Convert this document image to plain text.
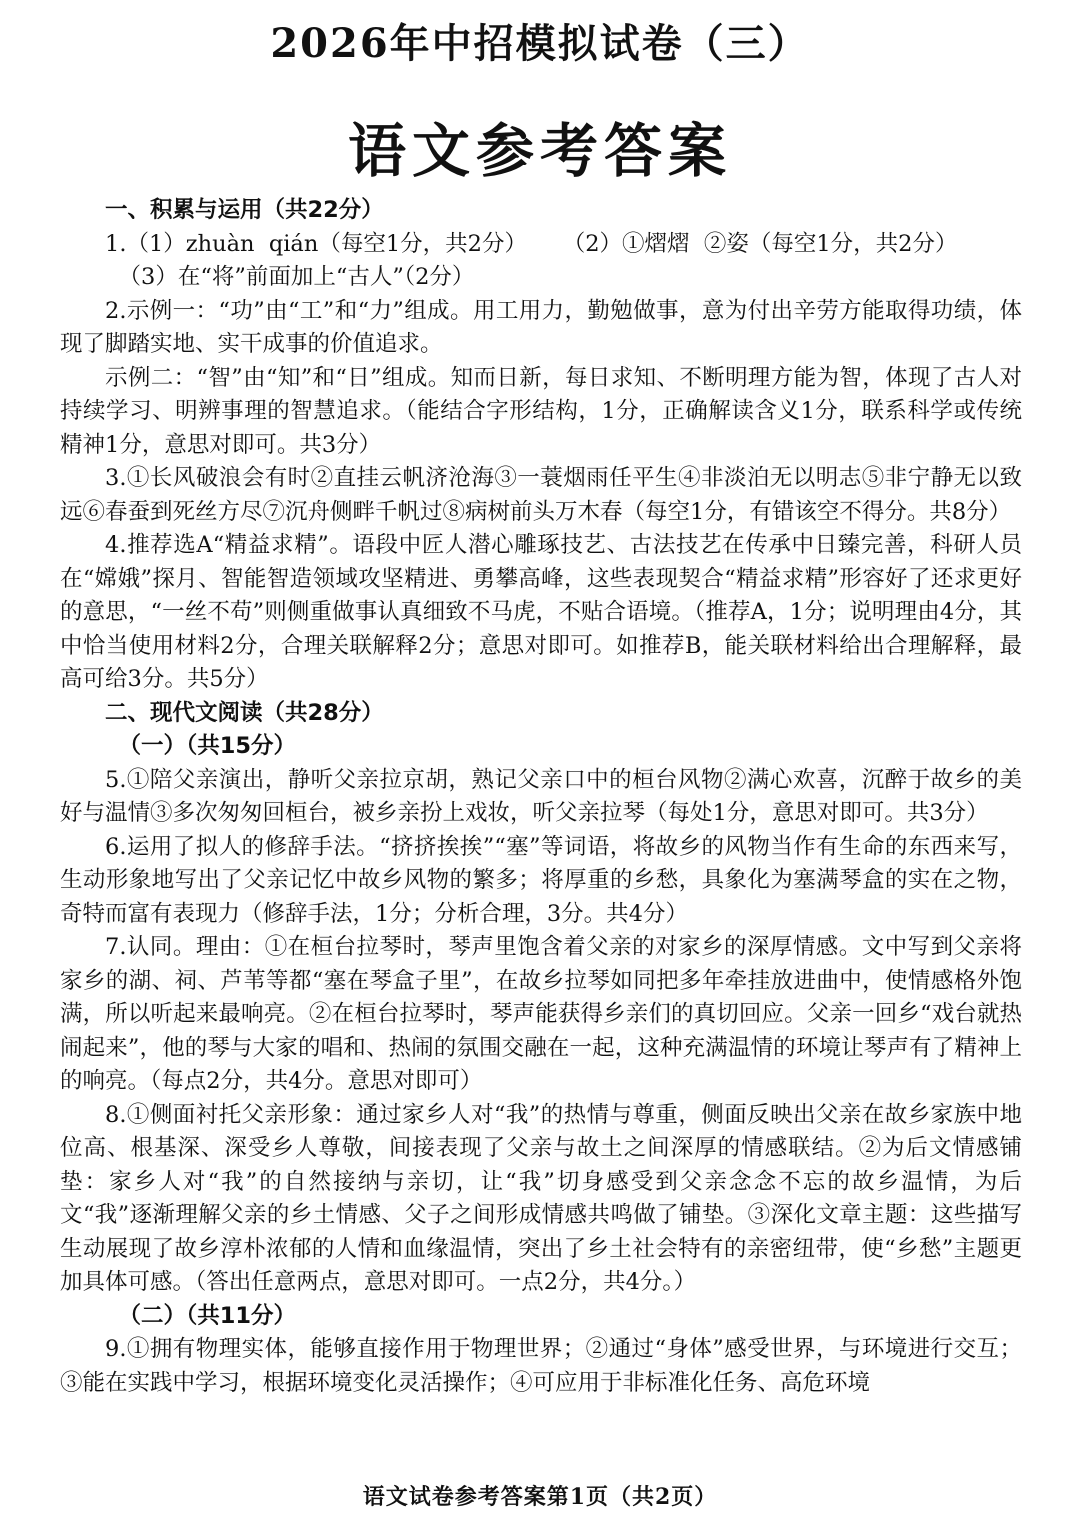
2026年中招模拟试卷（三）
语文参考答案

一、积累与运用（共22分）

1.（1）zhuàn  qián（每空1分，共2分）     （2）①熠熠  ②姿（每空1分，共2分）

（3）在“将”前面加上“古人”（2分）

2.示例一：“功”由“工”和“力”组成。用工用力，勤勉做事，意为付出辛劳方能取得功绩，体现了脚踏实地、实干成事的价值追求。

示例二：“智”由“知”和“日”组成。知而日新，每日求知、不断明理方能为智，体现了古人对持续学习、明辨事理的智慧追求。（能结合字形结构，1分，正确解读含义1分，联系科学或传统精神1分，意思对即可。共3分）

3.①长风破浪会有时②直挂云帆济沧海③一蓑烟雨任平生④非淡泊无以明志⑤非宁静无以致远⑥春蚕到死丝方尽⑦沉舟侧畔千帆过⑧病树前头万木春（每空1分，有错该空不得分。共8分）

4.推荐选A“精益求精”。语段中匠人潜心雕琢技艺、古法技艺在传承中日臻完善，科研人员在“嫦娥”探月、智能智造领域攻坚精进、勇攀高峰，这些表现契合“精益求精”形容好了还求更好的意思，“一丝不苟”则侧重做事认真细致不马虎，不贴合语境。（推荐A，1分；说明理由4分，其中恰当使用材料2分，合理关联解释2分；意思对即可。如推荐B，能关联材料给出合理解释，最高可给3分。共5分）

二、现代文阅读（共28分）

（一）（共15分）

5.①陪父亲演出，静听父亲拉京胡，熟记父亲口中的桓台风物②满心欢喜，沉醉于故乡的美好与温情③多次匆匆回桓台，被乡亲扮上戏妆，听父亲拉琴（每处1分，意思对即可。共3分）

6.运用了拟人的修辞手法。“挤挤挨挨”“塞”等词语，将故乡的风物当作有生命的东西来写，生动形象地写出了父亲记忆中故乡风物的繁多；将厚重的乡愁，具象化为塞满琴盒的实在之物，奇特而富有表现力（修辞手法，1分；分析合理，3分。共4分）

7.认同。理由：①在桓台拉琴时，琴声里饱含着父亲的对家乡的深厚情感。文中写到父亲将家乡的湖、祠、芦苇等都“塞在琴盒子里”，在故乡拉琴如同把多年牵挂放进曲中，使情感格外饱满，所以听起来最响亮。②在桓台拉琴时，琴声能获得乡亲们的真切回应。父亲一回乡“戏台就热闹起来”，他的琴与大家的唱和、热闹的氛围交融在一起，这种充满温情的环境让琴声有了精神上的响亮。（每点2分，共4分。意思对即可）

8.①侧面衬托父亲形象：通过家乡人对“我”的热情与尊重，侧面反映出父亲在故乡家族中地位高、根基深、深受乡人尊敬，间接表现了父亲与故土之间深厚的情感联结。②为后文情感铺垫：家乡人对“我”的自然接纳与亲切，让“我”切身感受到父亲念念不忘的故乡温情，为后文“我”逐渐理解父亲的乡土情感、父子之间形成情感共鸣做了铺垫。③深化文章主题：这些描写生动展现了故乡淳朴浓郁的人情和血缘温情，突出了乡土社会特有的亲密纽带，使“乡愁”主题更加具体可感。（答出任意两点，意思对即可。一点2分，共4分。）

（二）（共11分）

9.①拥有物理实体，能够直接作用于物理世界；②通过“身体”感受世界，与环境进行交互；③能在实践中学习，根据环境变化灵活操作；④可应用于非标准化任务、高危环境

语文试卷参考答案第1页（共2页）
